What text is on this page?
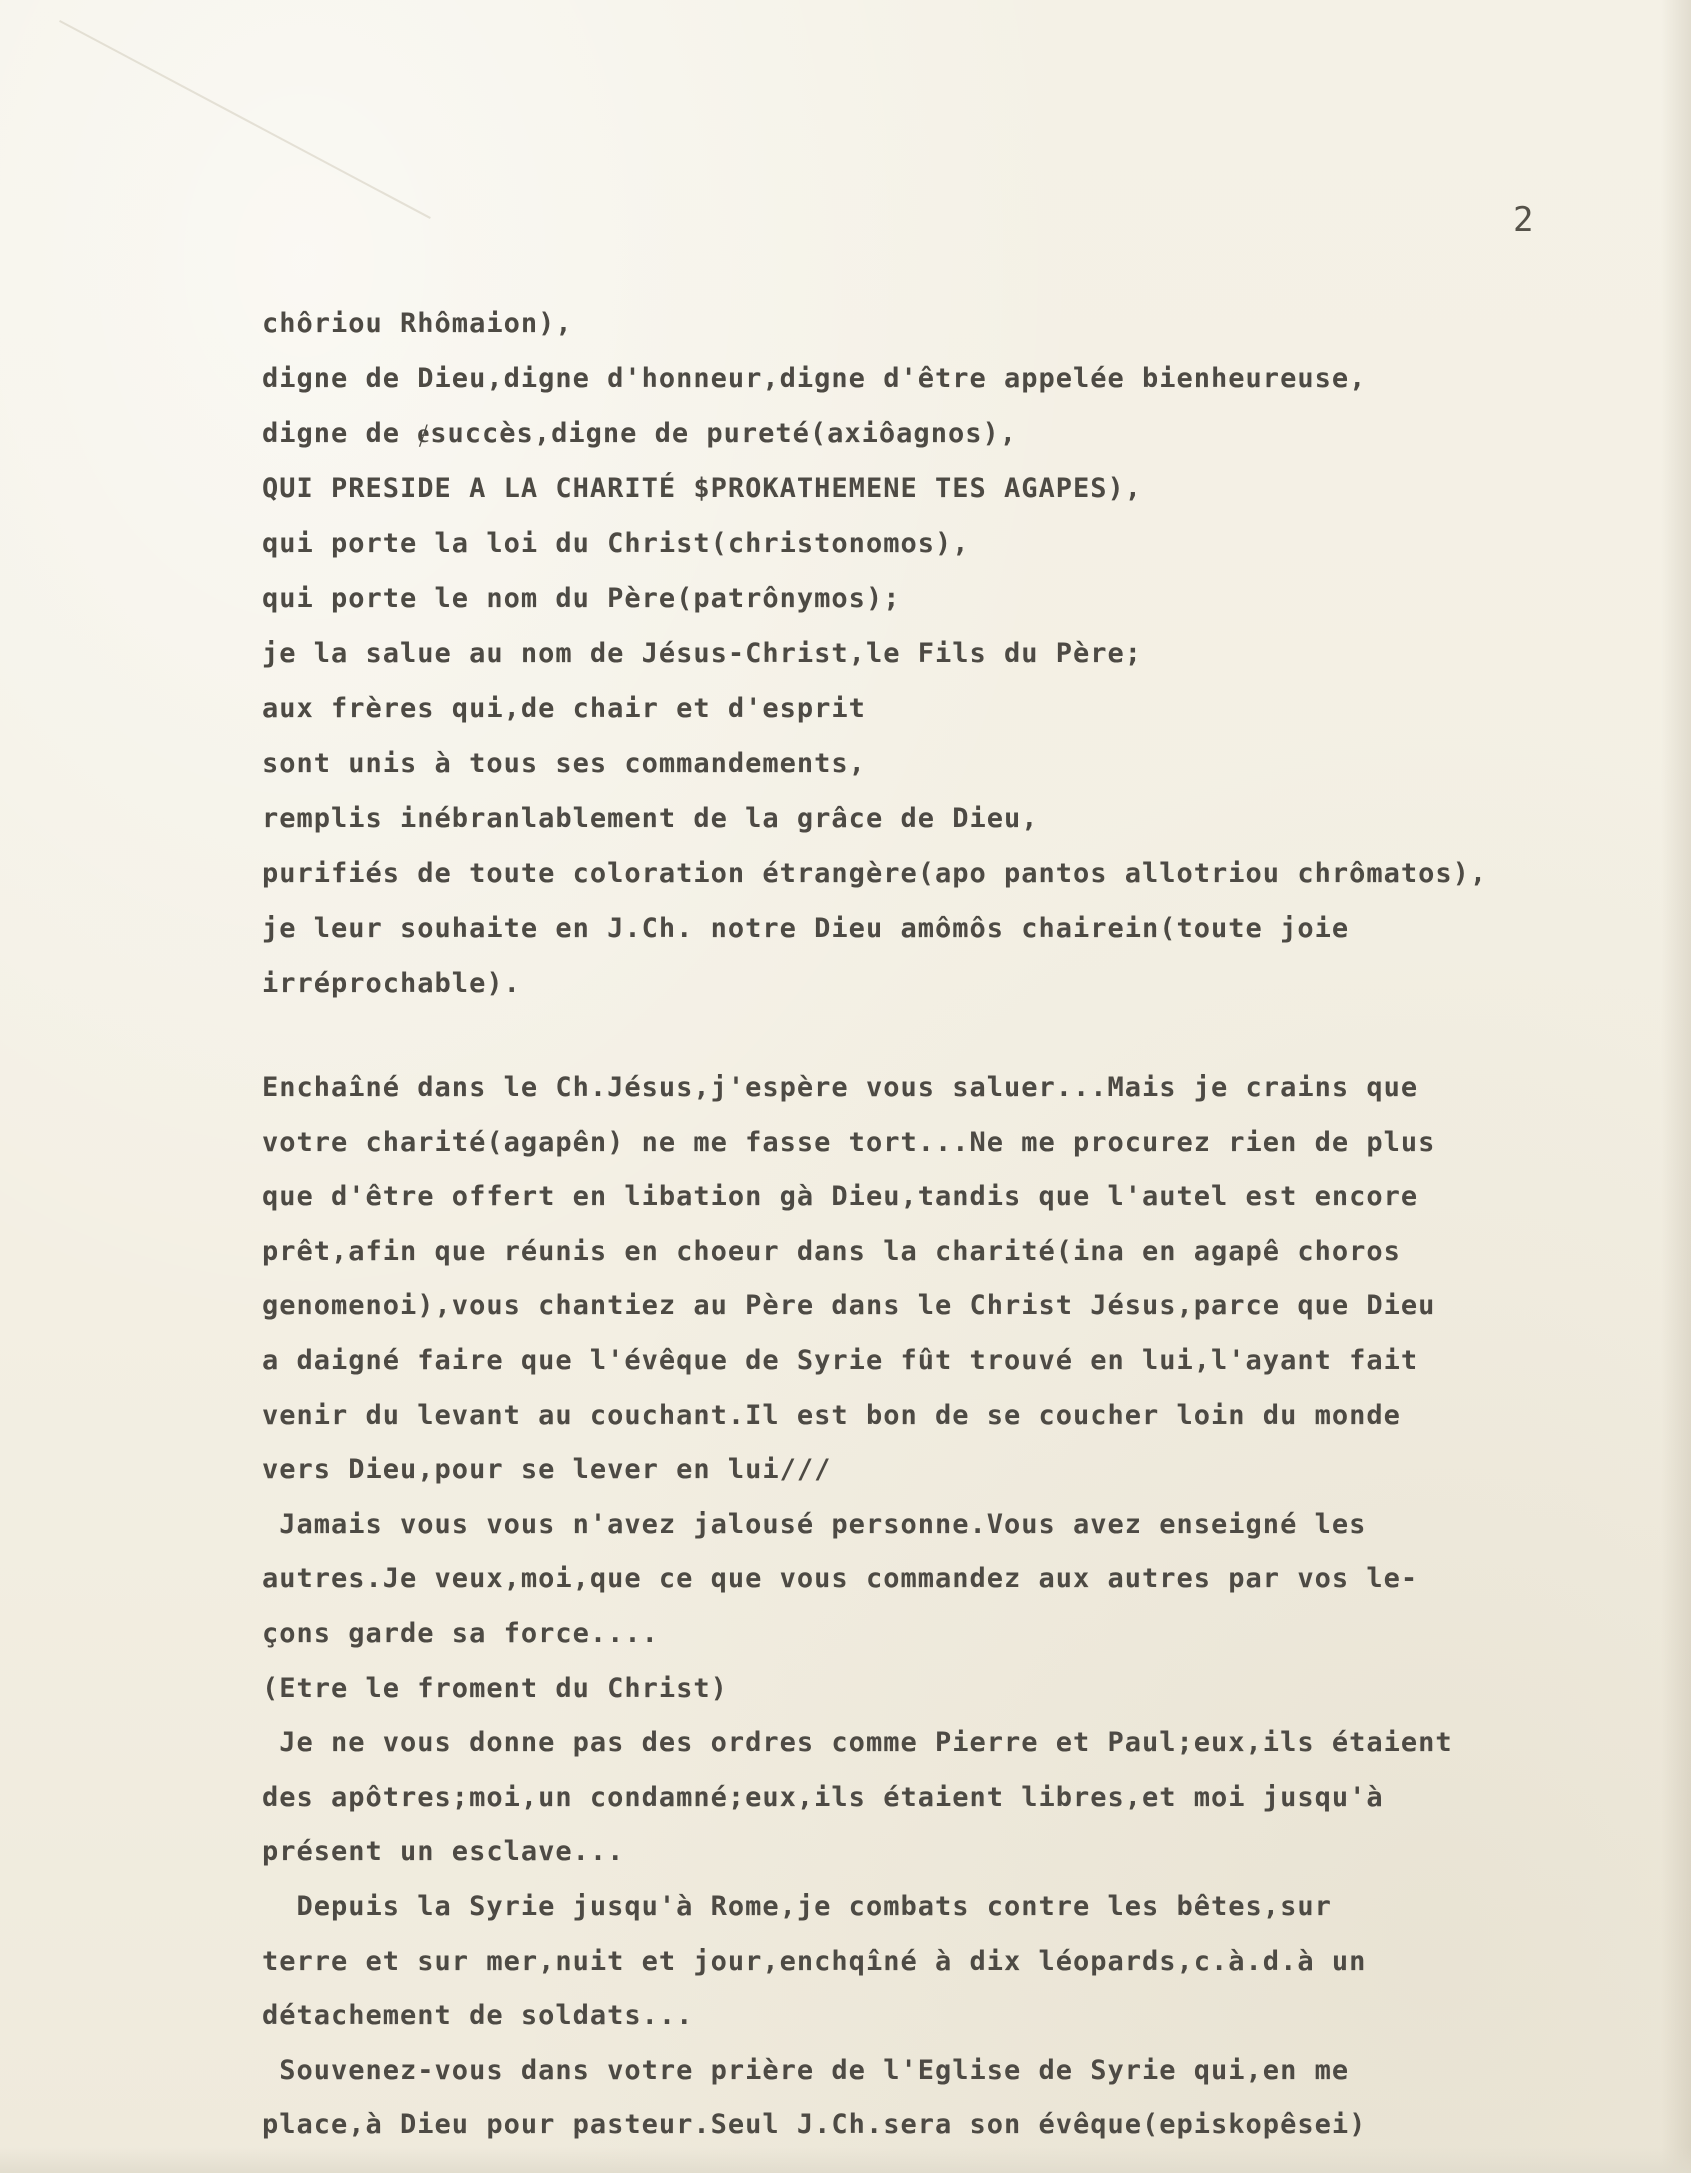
2
chôriou Rhômaion),
digne de Dieu,digne d'honneur,digne d'être appelée bienheureuse,
digne de ɇsuccès,digne de pureté(axiôagnos),
QUI PRESIDE A LA CHARITÉ $PROKATHEMENE TES AGAPES),
qui porte la loi du Christ(christonomos),
qui porte le nom du Père(patrônymos);
je la salue au nom de Jésus-Christ,le Fils du Père;
aux frères qui,de chair et d'esprit
sont unis à tous ses commandements,
remplis inébranlablement de la grâce de Dieu,
purifiés de toute coloration étrangère(apo pantos allotriou chrômatos),
je leur souhaite en J.Ch. notre Dieu amômôs chairein(toute joie
irréprochable).
Enchaîné dans le Ch.Jésus,j'espère vous saluer...Mais je crains que
votre charité(agapên) ne me fasse tort...Ne me procurez rien de plus
que d'être offert en libation gà Dieu,tandis que l'autel est encore
prêt,afin que réunis en choeur dans la charité(ina en agapê choros
genomenoi),vous chantiez au Père dans le Christ Jésus,parce que Dieu
a daigné faire que l'évêque de Syrie fût trouvé en lui,l'ayant fait
venir du levant au couchant.Il est bon de se coucher loin du monde
vers Dieu,pour se lever en lui///
Jamais vous vous n'avez jalousé personne.Vous avez enseigné les
autres.Je veux,moi,que ce que vous commandez aux autres par vos le-
çons garde sa force....
(Etre le froment du Christ)
Je ne vous donne pas des ordres comme Pierre et Paul;eux,ils étaient
des apôtres;moi,un condamné;eux,ils étaient libres,et moi jusqu'à
présent un esclave...
Depuis la Syrie jusqu'à Rome,je combats contre les bêtes,sur
terre et sur mer,nuit et jour,enchqîné à dix léopards,c.à.d.à un
détachement de soldats...
Souvenez-vous dans votre prière de l'Eglise de Syrie qui,en me
place,à Dieu pour pasteur.Seul J.Ch.sera son évêque(episkopêsei)
